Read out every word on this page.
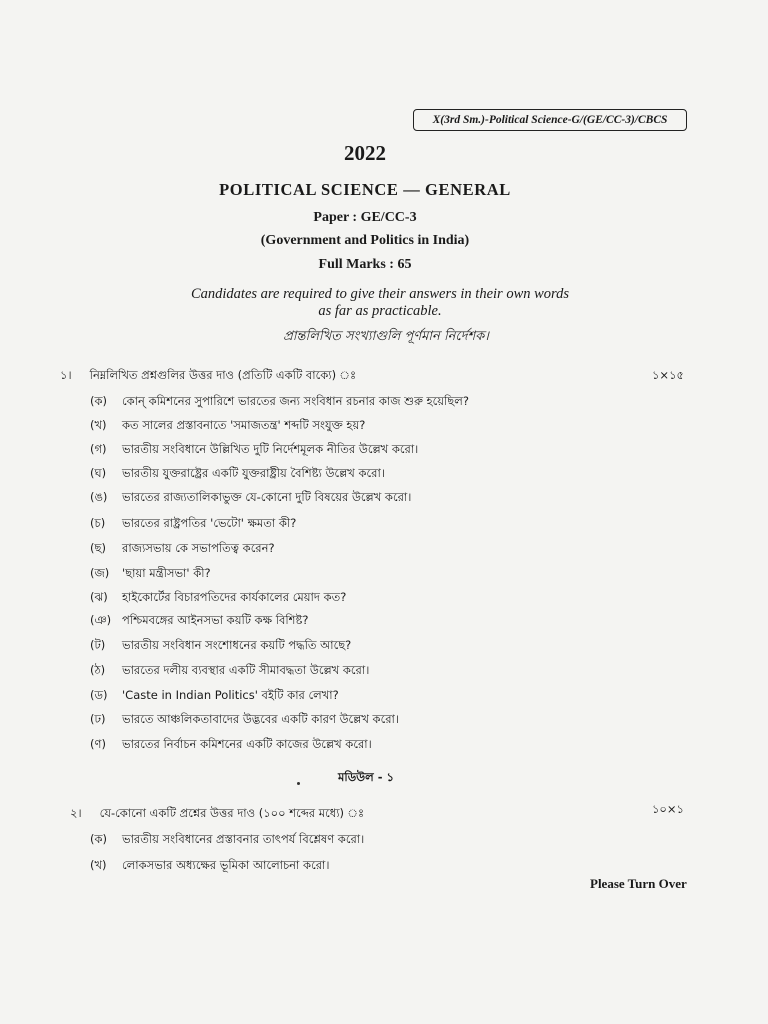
X(3rd Sm.)-Political Science-G/(GE/CC-3)/CBCS
2022
POLITICAL SCIENCE — GENERAL
Paper : GE/CC-3
(Government and Politics in India)
Full Marks : 65
Candidates are required to give their answers in their own words
as far as practicable.
প্রান্তলিখিত সংখ্যাগুলি পূর্ণমান নির্দেশক।
১। নিম্নলিখিত প্রশ্নগুলির উত্তর দাও (প্রতিটি একটি বাক্যে) ঃ	১×১৫
(ক) কোন্ কমিশনের সুপারিশে ভারতের জন্য সংবিধান রচনার কাজ শুরু হয়েছিল?
(খ) কত সালের প্রস্তাবনাতে 'সমাজতন্ত্র' শব্দটি সংযুক্ত হয়?
(গ) ভারতীয় সংবিধানে উল্লিখিত দুটি নির্দেশমূলক নীতির উল্লেখ করো।
(ঘ) ভারতীয় যুক্তরাষ্ট্রের একটি যুক্তরাষ্ট্রীয় বৈশিষ্ট্য উল্লেখ করো।
(ঙ) ভারতের রাজ্যতালিকাভুক্ত যে-কোনো দুটি বিষয়ের উল্লেখ করো।
(চ) ভারতের রাষ্ট্রপতির 'ভেটো' ক্ষমতা কী?
(ছ) রাজ্যসভায় কে সভাপতিত্ব করেন?
(জ) 'ছায়া মন্ত্রীসভা' কী?
(ঝ) হাইকোর্টের বিচারপতিদের কার্যকালের মেয়াদ কত?
(ঞ) পশ্চিমবঙ্গের আইনসভা কয়টি কক্ষ বিশিষ্ট?
(ট) ভারতীয় সংবিধান সংশোধনের কয়টি পদ্ধতি আছে?
(ঠ) ভারতের দলীয় ব্যবস্থার একটি সীমাবদ্ধতা উল্লেখ করো।
(ড) 'Caste in Indian Politics' বইটি কার লেখা?
(ঢ) ভারতে আঞ্চলিকতাবাদের উদ্ভবের একটি কারণ উল্লেখ করো।
(ণ) ভারতের নির্বাচন কমিশনের একটি কাজের উল্লেখ করো।
মডিউল - ১
২। যে-কোনো একটি প্রশ্নের উত্তর দাও (১০০ শব্দের মধ্যে) ঃ	১০×১
(ক) ভারতীয় সংবিধানের প্রস্তাবনার তাৎপর্য বিশ্লেষণ করো।
(খ) লোকসভার অধ্যক্ষের ভূমিকা আলোচনা করো।
Please Turn Over
